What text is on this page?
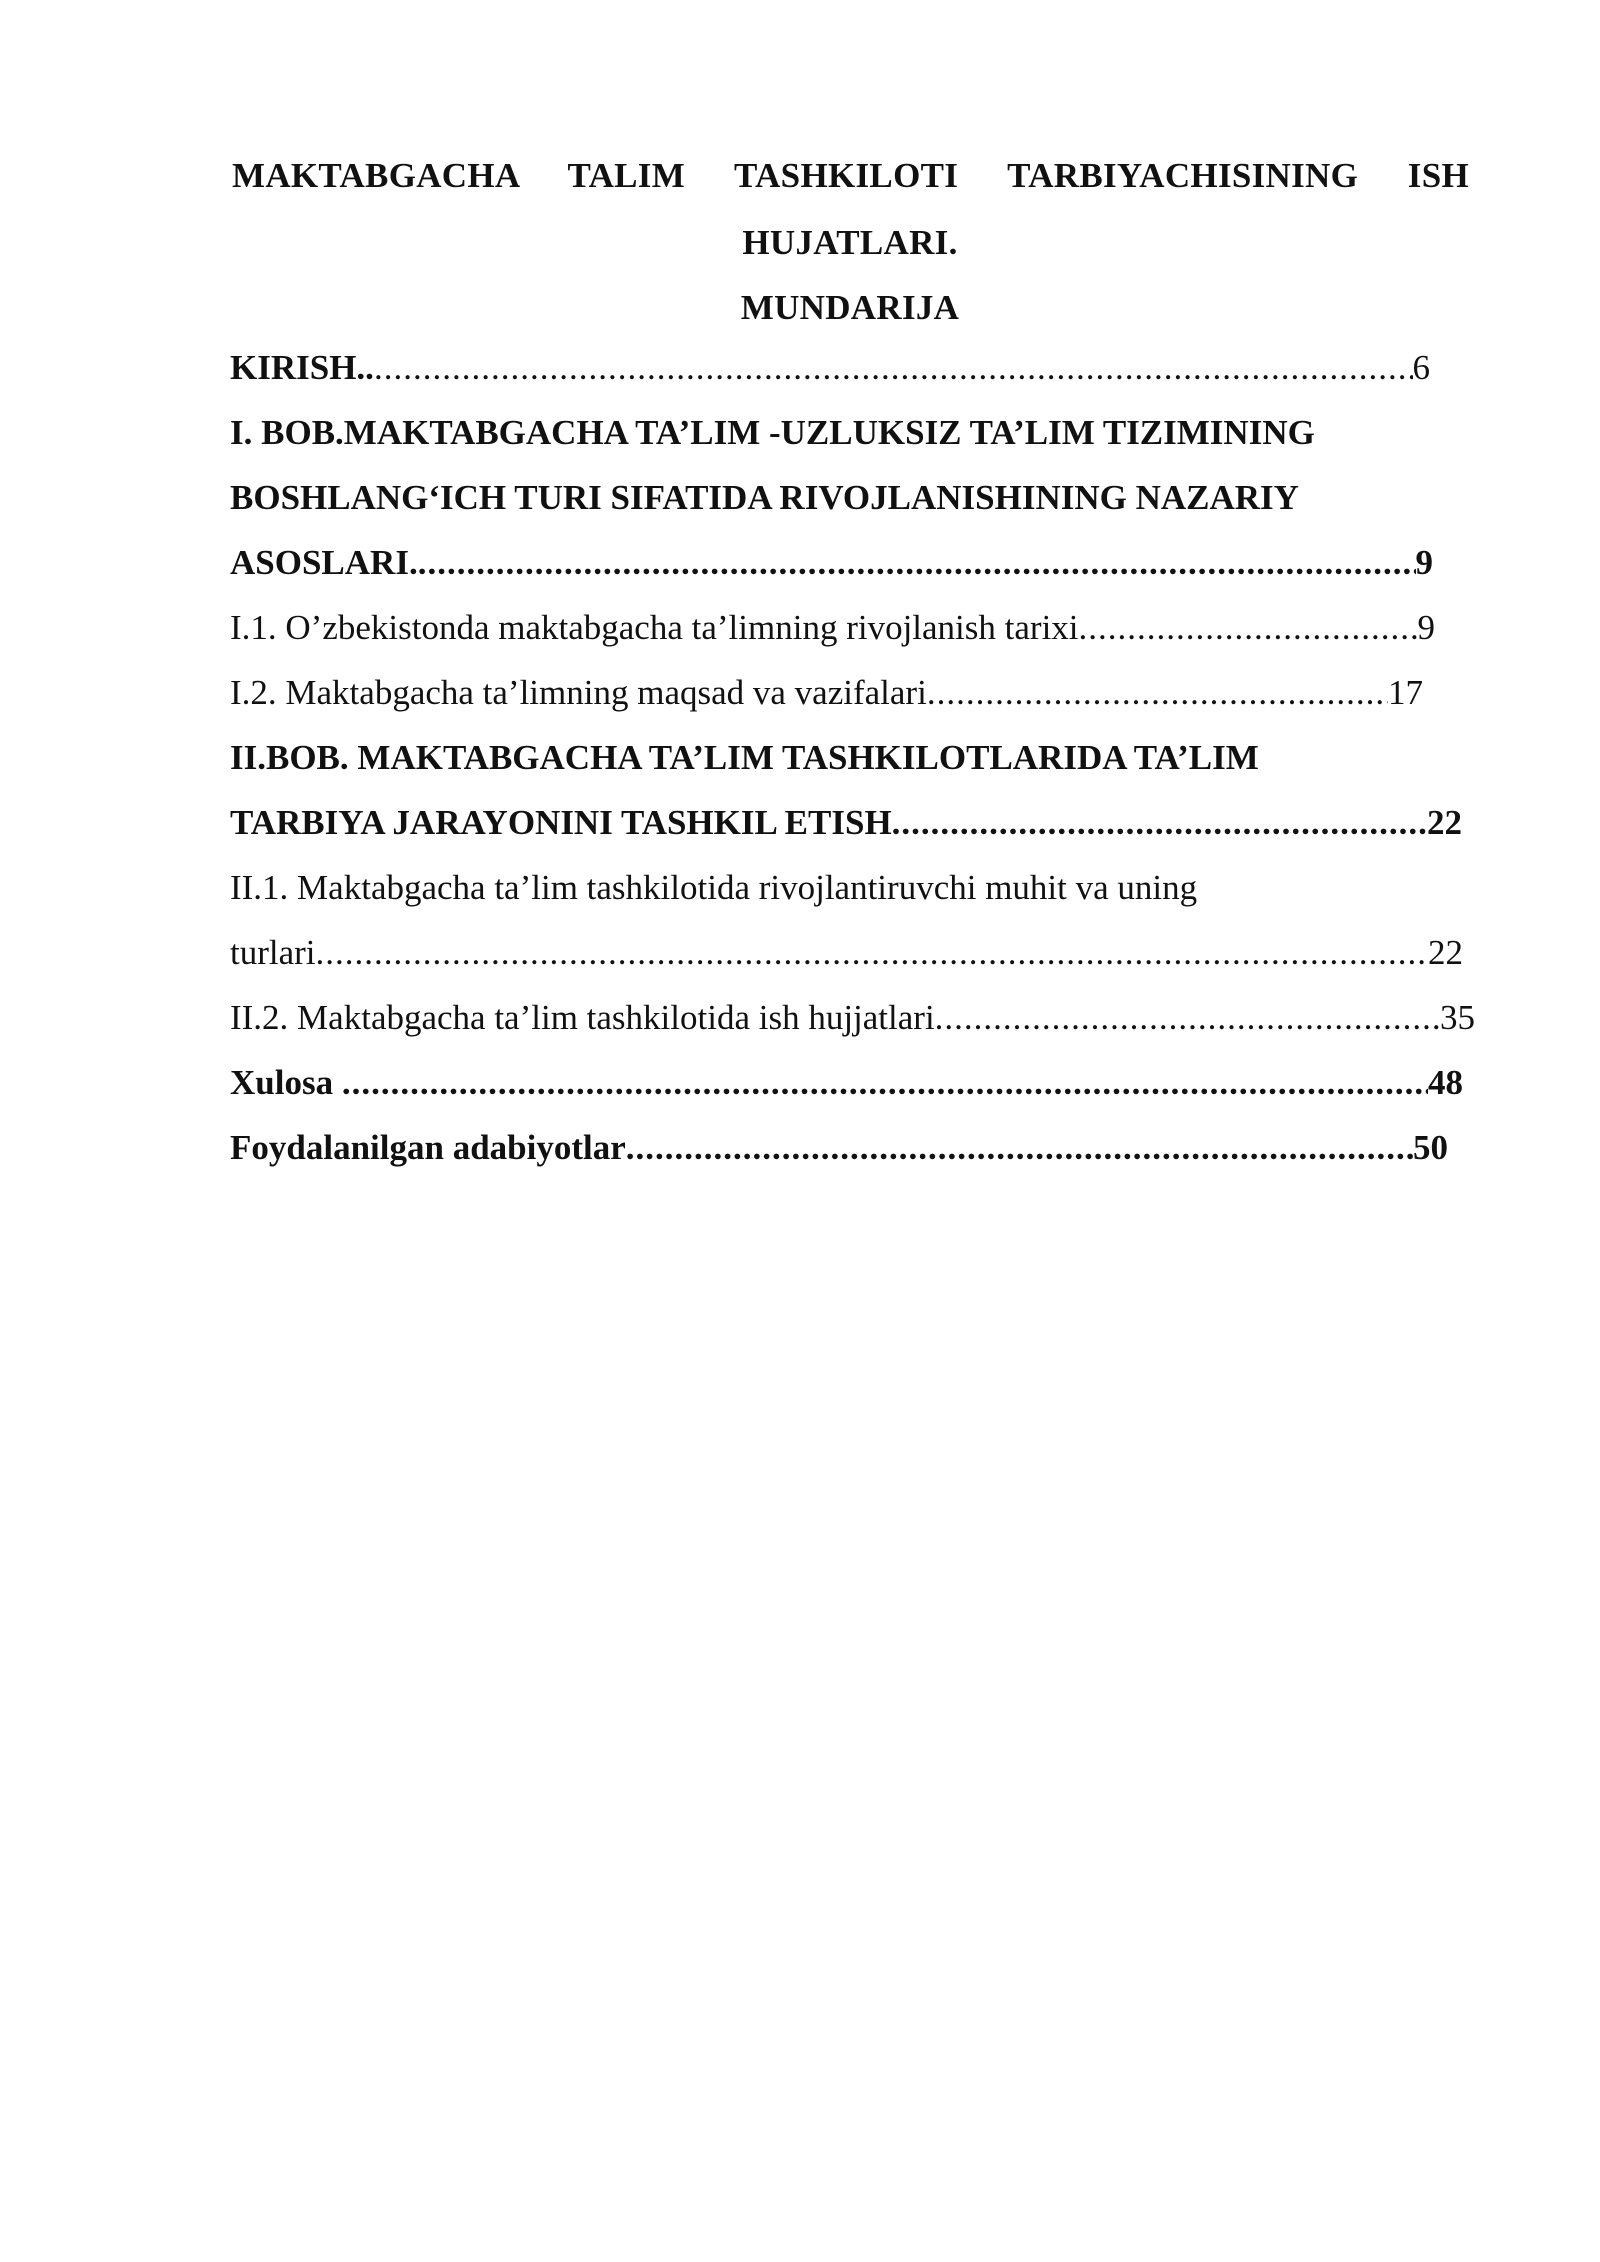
MAKTABGACHA TALIM TASHKILOTI TARBIYACHISINING ISH
HUJATLARI.
MUNDARIJA
KIRISH.. .....	6
I. BOB.MAKTABGACHA TA’LIM -UZLUKSIZ TA’LIM TIZIMINING
BOSHLANG‘ICH TURI SIFATIDA RIVOJLANISHINING NAZARIY
ASOSLARI. .....	9
I.1. O’zbekistonda maktabgacha ta’limning rivojlanish tarixi .....	9
I.2. Maktabgacha ta’limning maqsad va vazifalari .....	17
II.BOB. MAKTABGACHA TA’LIM TASHKILOTLARIDA TA’LIM
TARBIYA JARAYONINI TASHKIL ETISH .....	22
II.1. Maktabgacha ta’lim tashkilotida rivojlantiruvchi muhit va uning
turlari .....	22
II.2. Maktabgacha ta’lim tashkilotida ish hujjatlari .....	35
Xulosa .....	48
Foydalanilgan adabiyotlar .....	50
